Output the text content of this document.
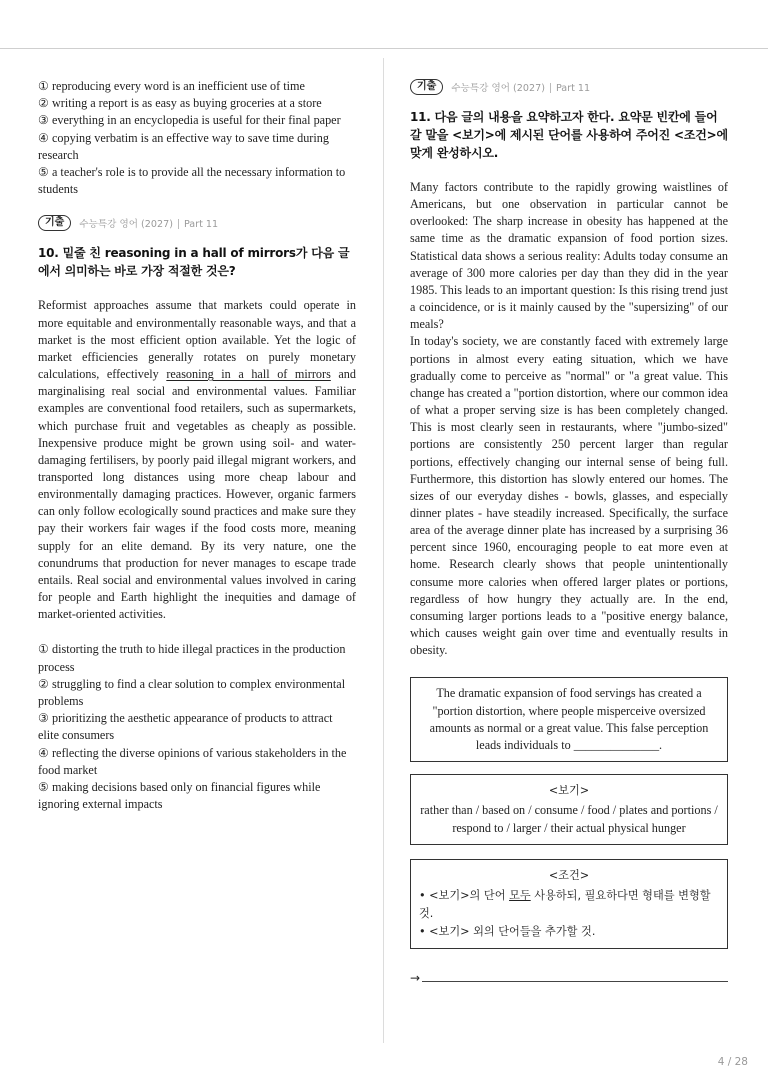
① reproducing every word is an inefficient use of time
② writing a report is as easy as buying groceries at a store
③ everything in an encyclopedia is useful for their final paper
④ copying verbatim is an effective way to save time during research
⑤ a teacher's role is to provide all the necessary information to students
기출	수능특강 영어 (2027) Part 11
10. 밑줄 친 reasoning in a hall of mirrors가 다음 글에서 의미하는 바로 가장 적절한 것은?

Reformist approaches assume that markets could operate in more equitable and environmentally reasonable ways, and that a market is the most efficient option available. Yet the logic of market efficiencies generally rotates on purely monetary calculations, effectively reasoning in a hall of mirrors and marginalising real social and environmental values. Familiar examples are conventional food retailers, such as supermarkets, which purchase fruit and vegetables as cheaply as possible. Inexpensive produce might be grown using soil- and water-damaging fertilisers, by poorly paid illegal migrant workers, and transported long distances using more cheap labour and environmentally damaging practices. However, organic farmers can only follow ecologically sound practices and make sure they pay their workers fair wages if the food costs more, meaning supply for an elite demand. By its very nature, one the conundrums that production for never manages to escape trade entails. Real social and environmental values involved in caring for people and Earth highlight the inequities and damage of market-oriented activities.

① distorting the truth to hide illegal practices in the production process
② struggling to find a clear solution to complex environmental problems
③ prioritizing the aesthetic appearance of products to attract elite consumers
④ reflecting the diverse opinions of various stakeholders in the food market
⑤ making decisions based only on financial figures while ignoring external impacts
기출	수능특강 영어 (2027) Part 11
11. 다음 글의 내용을 요약하고자 한다. 요약문 빈칸에 들어갈 말을 <보기>에 제시된 단어를 사용하여 주어진 <조건>에 맞게 완성하시오.

Many factors contribute to the rapidly growing waistlines of Americans, but one observation in particular cannot be overlooked: The sharp increase in obesity has happened at the same time as the dramatic expansion of food portion sizes. Statistical data shows a serious reality: Adults today consume an average of 300 more calories per day than they did in the year 1985. This leads to an important question: Is this rising trend just a coincidence, or is it mainly caused by the "supersizing" of our meals?

In today's society, we are constantly faced with extremely large portions in almost every eating situation, which we have gradually come to perceive as "normal" or "a great value. This change has created a "portion distortion, where our common idea of what a proper serving size is has been completely changed. This is most clearly seen in restaurants, where "jumbo-sized" portions are consistently 250 percent larger than regular portions, effectively changing our internal sense of being full. Furthermore, this distortion has slowly entered our homes. The sizes of our everyday dishes - bowls, glasses, and especially dinner plates - have steadily increased. Specifically, the surface area of the average dinner plate has increased by a surprising 36 percent since 1960, encouraging people to eat more even at home. Research clearly shows that people unintentionally consume more calories when offered larger plates or portions, regardless of how hungry they actually are. In the end, consuming larger portions leads to a "positive energy balance, which causes weight gain over time and eventually results in obesity.

The dramatic expansion of food servings has created a "portion distortion, where people misperceive oversized amounts as normal or a great value. This false perception leads individuals to ______________.
<보기>
rather than / based on / consume / food / plates and portions / respond to / larger / their actual physical hunger
<조건>
• <보기>의 단어 모두 사용하되, 필요하다면 형태를 변형할 것.
• <보기> 외의 단어들을 추가할 것.
→
4 / 28
